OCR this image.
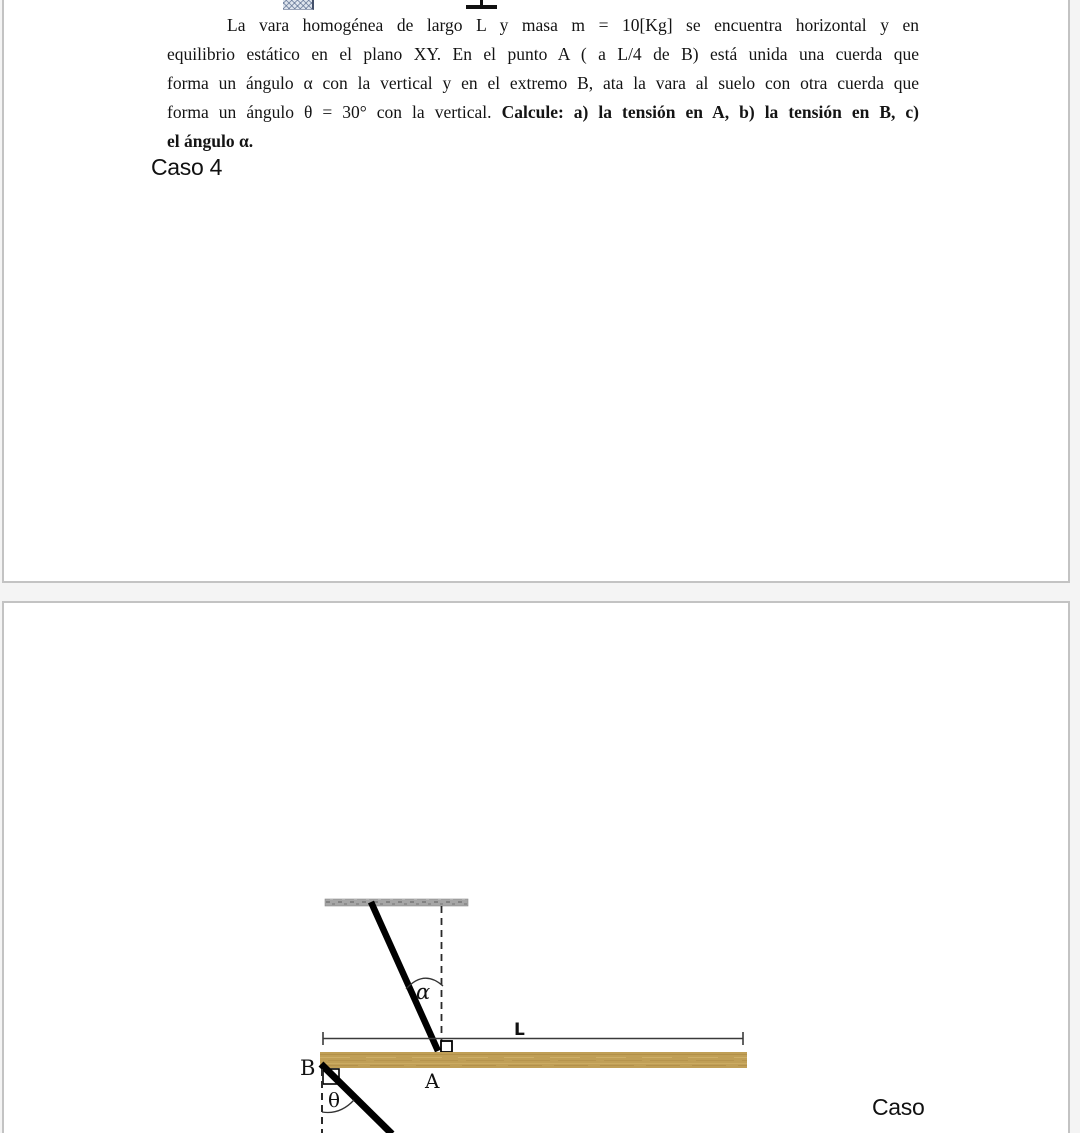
La vara homogénea de largo L y masa m = 10[Kg] se encuentra horizontal y en
equilibrio estático en el plano XY. En el punto A ( a L/4 de B) está unida una cuerda que
forma un ángulo α con la vertical y en el extremo B, ata la vara al suelo con otra cuerda que
forma un ángulo θ = 30° con la vertical. Calcule: a) la tensión en A, b) la tensión en B, c)
el ángulo α.
Caso 4
Caso
α
L
θ
B
A
